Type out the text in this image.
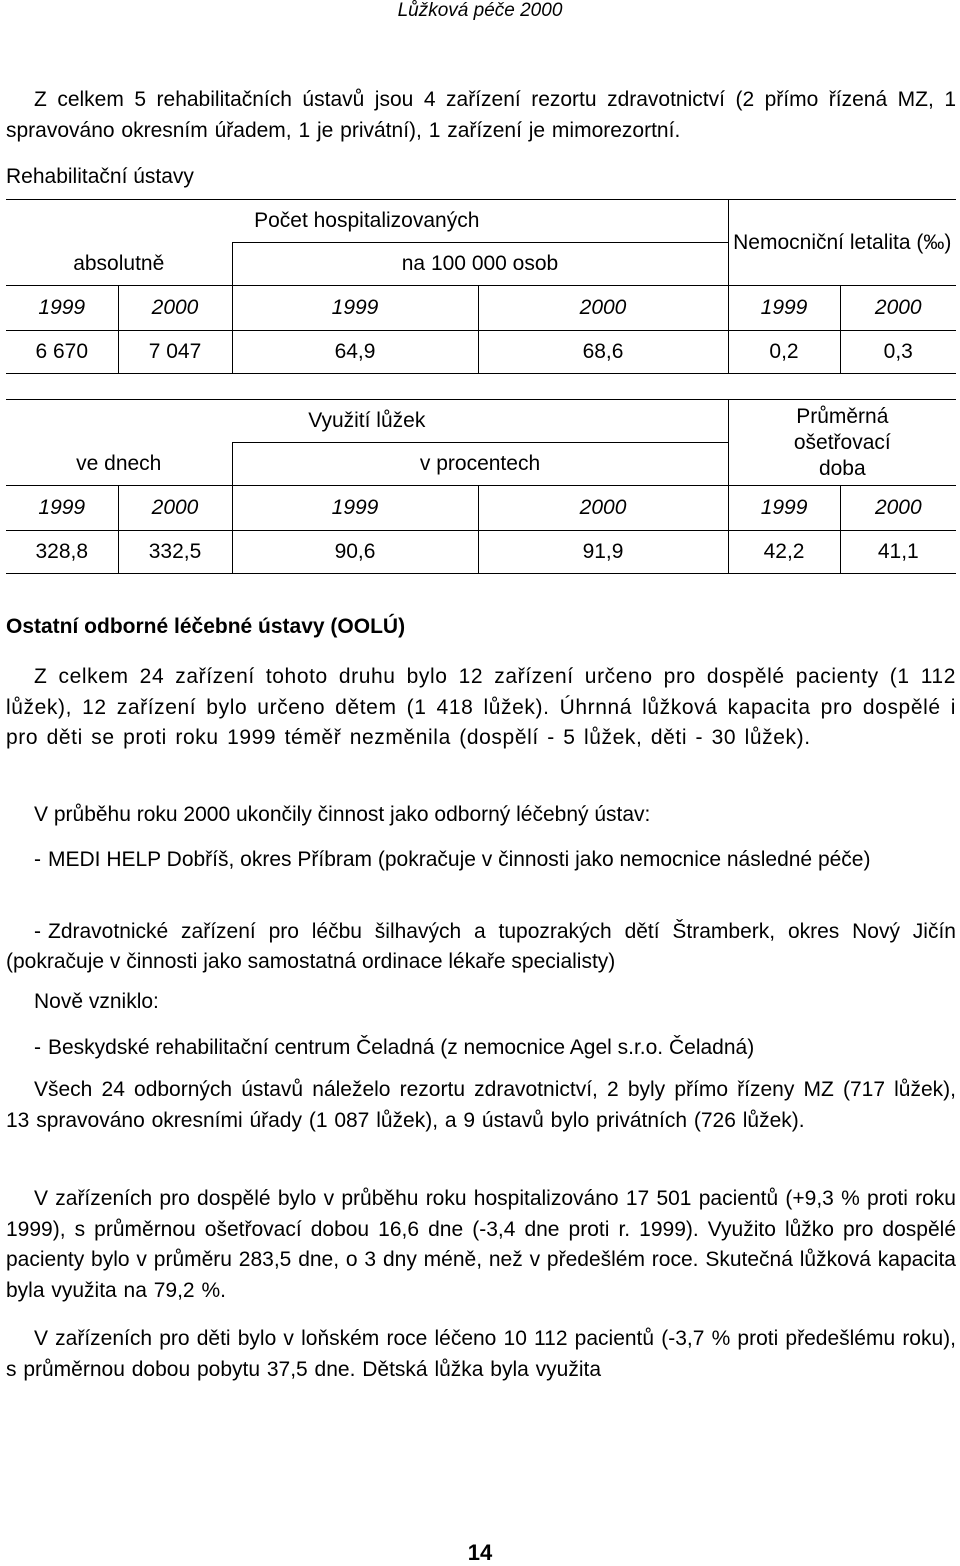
Lůžková péče 2000
Z celkem 5 rehabilitačních ústavů jsou 4 zařízení rezortu zdravotnictví (2 přímo řízená MZ, 1 spravováno okresním úřadem, 1 je privátní), 1 zařízení je mimorezortní.
Rehabilitační ústavy
Počet hospitalizovaných				Nemocniční letalita (‰)	
absolutně		na 100 000 osob			
1999	2000	1999	2000	1999	2000
6 670	7 047	64,9	68,6	0,2	0,3
Využití lůžek				Průměrná ošetřovací doba	
ve dnech		v procentech			
1999	2000	1999	2000	1999	2000
328,8	332,5	90,6	91,9	42,2	41,1
Ostatní odborné léčebné ústavy (OOLÚ)
Z celkem 24 zařízení tohoto druhu bylo 12 zařízení určeno pro dospělé pacienty (1 112 lůžek), 12 zařízení bylo určeno dětem (1 418 lůžek). Úhrnná lůžková kapacita pro dospělé i pro děti se proti roku 1999 téměř nezměnila (dospělí - 5 lůžek, děti - 30 lůžek).
V průběhu roku 2000 ukončily činnost jako odborný léčebný ústav:
- MEDI HELP Dobříš, okres Příbram (pokračuje v činnosti jako nemocnice následné péče)
- Zdravotnické zařízení pro léčbu šilhavých a tupozrakých dětí Štramberk, okres Nový Jičín (pokračuje v činnosti jako samostatná ordinace lékaře specialisty)
Nově vzniklo:
- Beskydské rehabilitační centrum Čeladná (z nemocnice Agel s.r.o. Čeladná)
Všech 24 odborných ústavů náleželo rezortu zdravotnictví, 2 byly přímo řízeny MZ (717 lůžek), 13 spravováno okresními úřady (1 087 lůžek), a 9 ústavů bylo privátních (726 lůžek).
V zařízeních pro dospělé bylo v průběhu roku hospitalizováno 17 501 pacientů (+9,3 % proti roku 1999), s průměrnou ošetřovací dobou 16,6 dne (-3,4 dne proti r. 1999). Využito lůžko pro dospělé pacienty bylo v průměru 283,5 dne, o 3 dny méně, než v předešlém roce. Skutečná lůžková kapacita byla využita na 79,2 %.
V zařízeních pro děti bylo v loňském roce léčeno 10 112 pacientů (-3,7 % proti předešlému roku), s průměrnou dobou pobytu 37,5 dne. Dětská lůžka byla využita
14
